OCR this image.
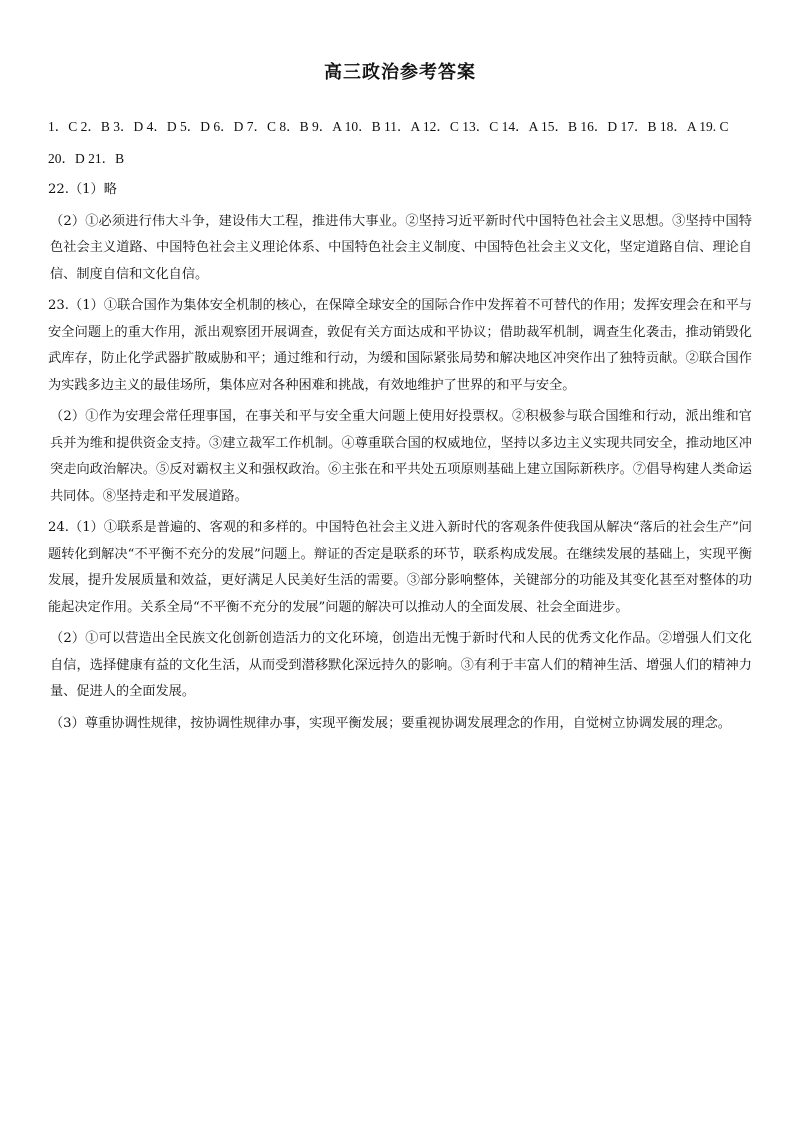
高三政治参考答案

1．C 2．B 3．D 4．D 5．D 6．D 7．C 8．B 9．A 10．B 11．A 12．C 13．C 14．A 15．B 16．D 17．B 18．A 19. C

20．D 21．B

22.（1）略

（2）①必须进行伟大斗争，建设伟大工程，推进伟大事业。②坚持习近平新时代中国特色社会主义思想。③坚持中国特色社会主义道路、中国特色社会主义理论体系、中国特色社会主义制度、中国特色社会主义文化，坚定道路自信、理论自信、制度自信和文化自信。

23.（1）①联合国作为集体安全机制的核心，在保障全球安全的国际合作中发挥着不可替代的作用；发挥安理会在和平与安全问题上的重大作用，派出观察团开展调查，敦促有关方面达成和平协议；借助裁军机制，调查生化袭击，推动销毁化武库存，防止化学武器扩散威胁和平；通过维和行动，为缓和国际紧张局势和解决地区冲突作出了独特贡献。②联合国作为实践多边主义的最佳场所，集体应对各种困难和挑战，有效地维护了世界的和平与安全。

（2）①作为安理会常任理事国，在事关和平与安全重大问题上使用好投票权。②积极参与联合国维和行动，派出维和官兵并为维和提供资金支持。③建立裁军工作机制。④尊重联合国的权威地位，坚持以多边主义实现共同安全，推动地区冲突走向政治解决。⑤反对霸权主义和强权政治。⑥主张在和平共处五项原则基础上建立国际新秩序。⑦倡导构建人类命运共同体。⑧坚持走和平发展道路。

24.（1）①联系是普遍的、客观的和多样的。中国特色社会主义进入新时代的客观条件使我国从解决“落后的社会生产”问题转化到解决“不平衡不充分的发展”问题上。辩证的否定是联系的环节，联系构成发展。在继续发展的基础上，实现平衡发展，提升发展质量和效益，更好满足人民美好生活的需要。③部分影响整体，关键部分的功能及其变化甚至对整体的功能起决定作用。关系全局“不平衡不充分的发展”问题的解决可以推动人的全面发展、社会全面进步。

（2）①可以营造出全民族文化创新创造活力的文化环境，创造出无愧于新时代和人民的优秀文化作品。②增强人们文化自信，选择健康有益的文化生活，从而受到潜移默化深远持久的影响。③有利于丰富人们的精神生活、增强人们的精神力量、促进人的全面发展。

（3）尊重协调性规律，按协调性规律办事，实现平衡发展；要重视协调发展理念的作用，自觉树立协调发展的理念。
